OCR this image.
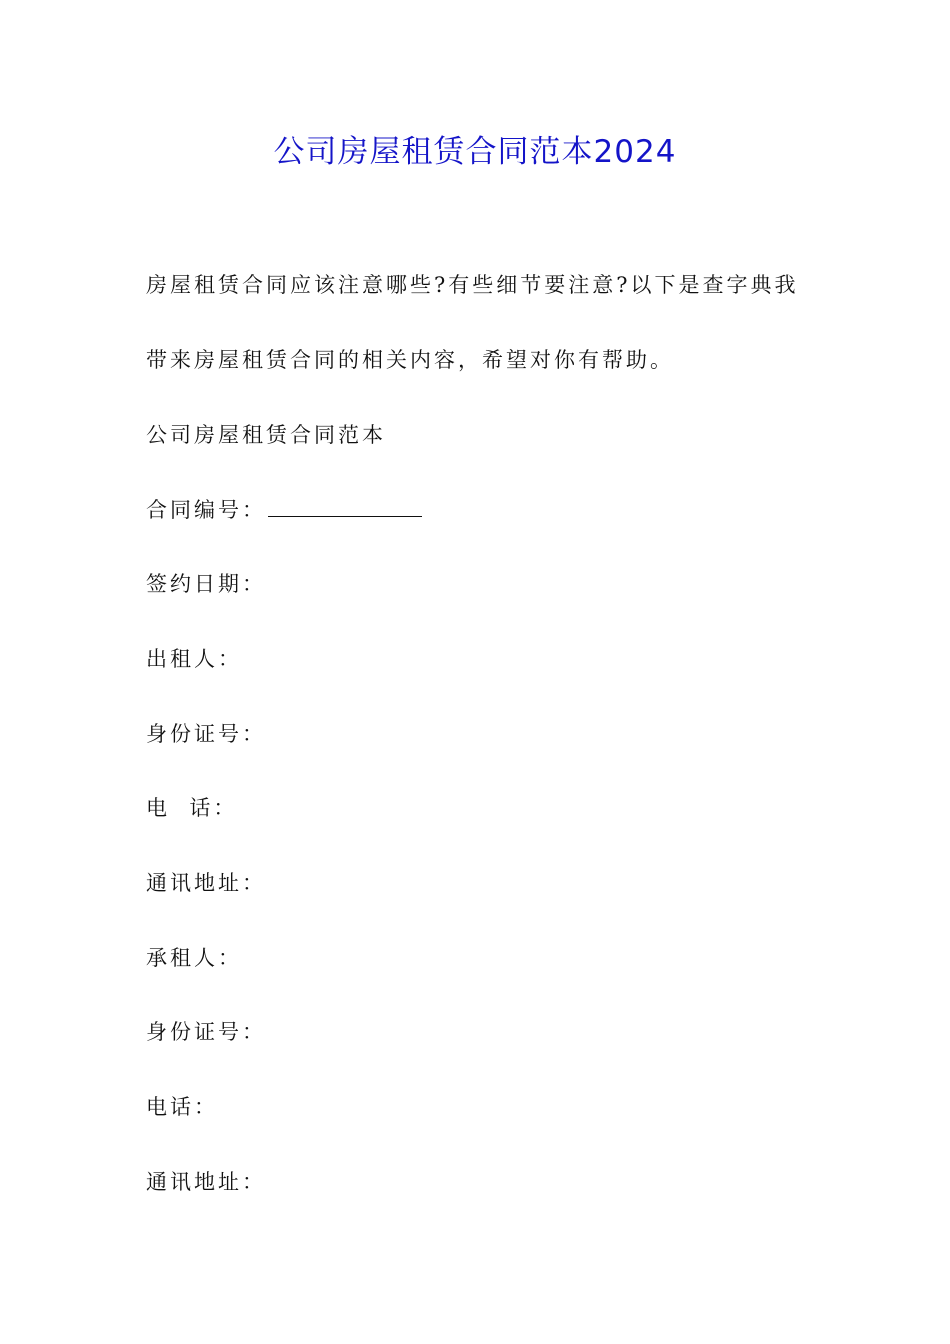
公司房屋租赁合同范本2024
房屋租赁合同应该注意哪些?有些细节要注意?以下是查字典我
带来房屋租赁合同的相关内容，希望对你有帮助。
公司房屋租赁合同范本
合同编号：
签约日期：
出租人：
身份证号：
电  话：
通讯地址：
承租人：
身份证号：
电话：
通讯地址：
